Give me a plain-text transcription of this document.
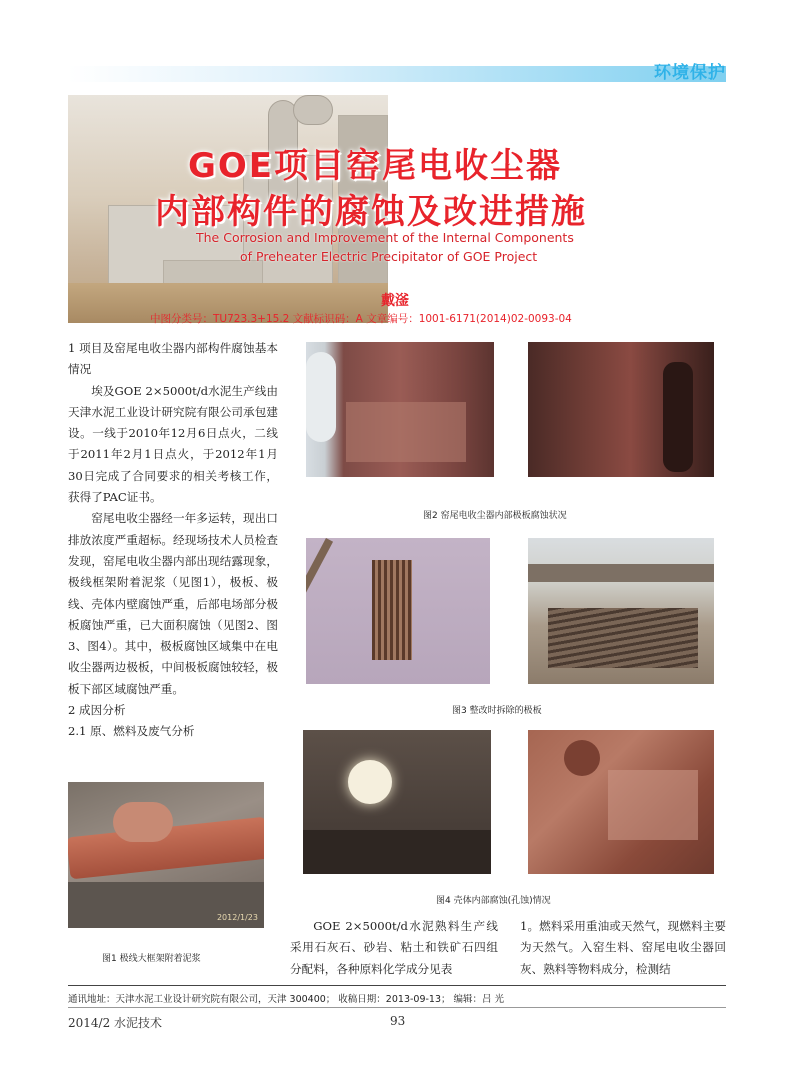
环境保护
GOE项目窑尾电收尘器
内部构件的腐蚀及改进措施
The Corrosion and Improvement of the Internal Components
of Preheater Electric Precipitator of GOE Project
戴滏
中图分类号：TU723.3+15.2 文献标识码：A 文章编号：1001-6171(2014)02-0093-04
1 项目及窑尾电收尘器内部构件腐蚀基本情况

埃及GOE 2×5000t/d水泥生产线由天津水泥工业设计研究院有限公司承包建设。一线于2010年12月6日点火，二线于2011年2月1日点火，于2012年1月30日完成了合同要求的相关考核工作，获得了PAC证书。

窑尾电收尘器经一年多运转，现出口排放浓度严重超标。经现场技术人员检查发现，窑尾电收尘器内部出现结露现象，极线框架附着泥浆（见图1），极板、极线、壳体内壁腐蚀严重，后部电场部分极板腐蚀严重，已大面积腐蚀（见图2、图3、图4）。其中，极板腐蚀区域集中在电收尘器两边极板，中间极板腐蚀较轻，极板下部区域腐蚀严重。

2 成因分析
2.1 原、燃料及废气分析
2012/1/23
图1 极线大框架附着泥浆
图2 窑尾电收尘器内部极板腐蚀状况
图3 整改时拆除的极板
图4 壳体内部腐蚀(孔蚀)情况

GOE 2×5000t/d水泥熟料生产线采用石灰石、砂岩、粘土和铁矿石四组分配料，各种原料化学成分见表

1。燃料采用重油或天然气，现燃料主要为天然气。入窑生料、窑尾电收尘器回灰、熟料等物料成分，检测结

通讯地址：天津水泥工业设计研究院有限公司，天津 300400； 收稿日期：2013-09-13； 编辑：吕 光
2014/2 水泥技术	93
